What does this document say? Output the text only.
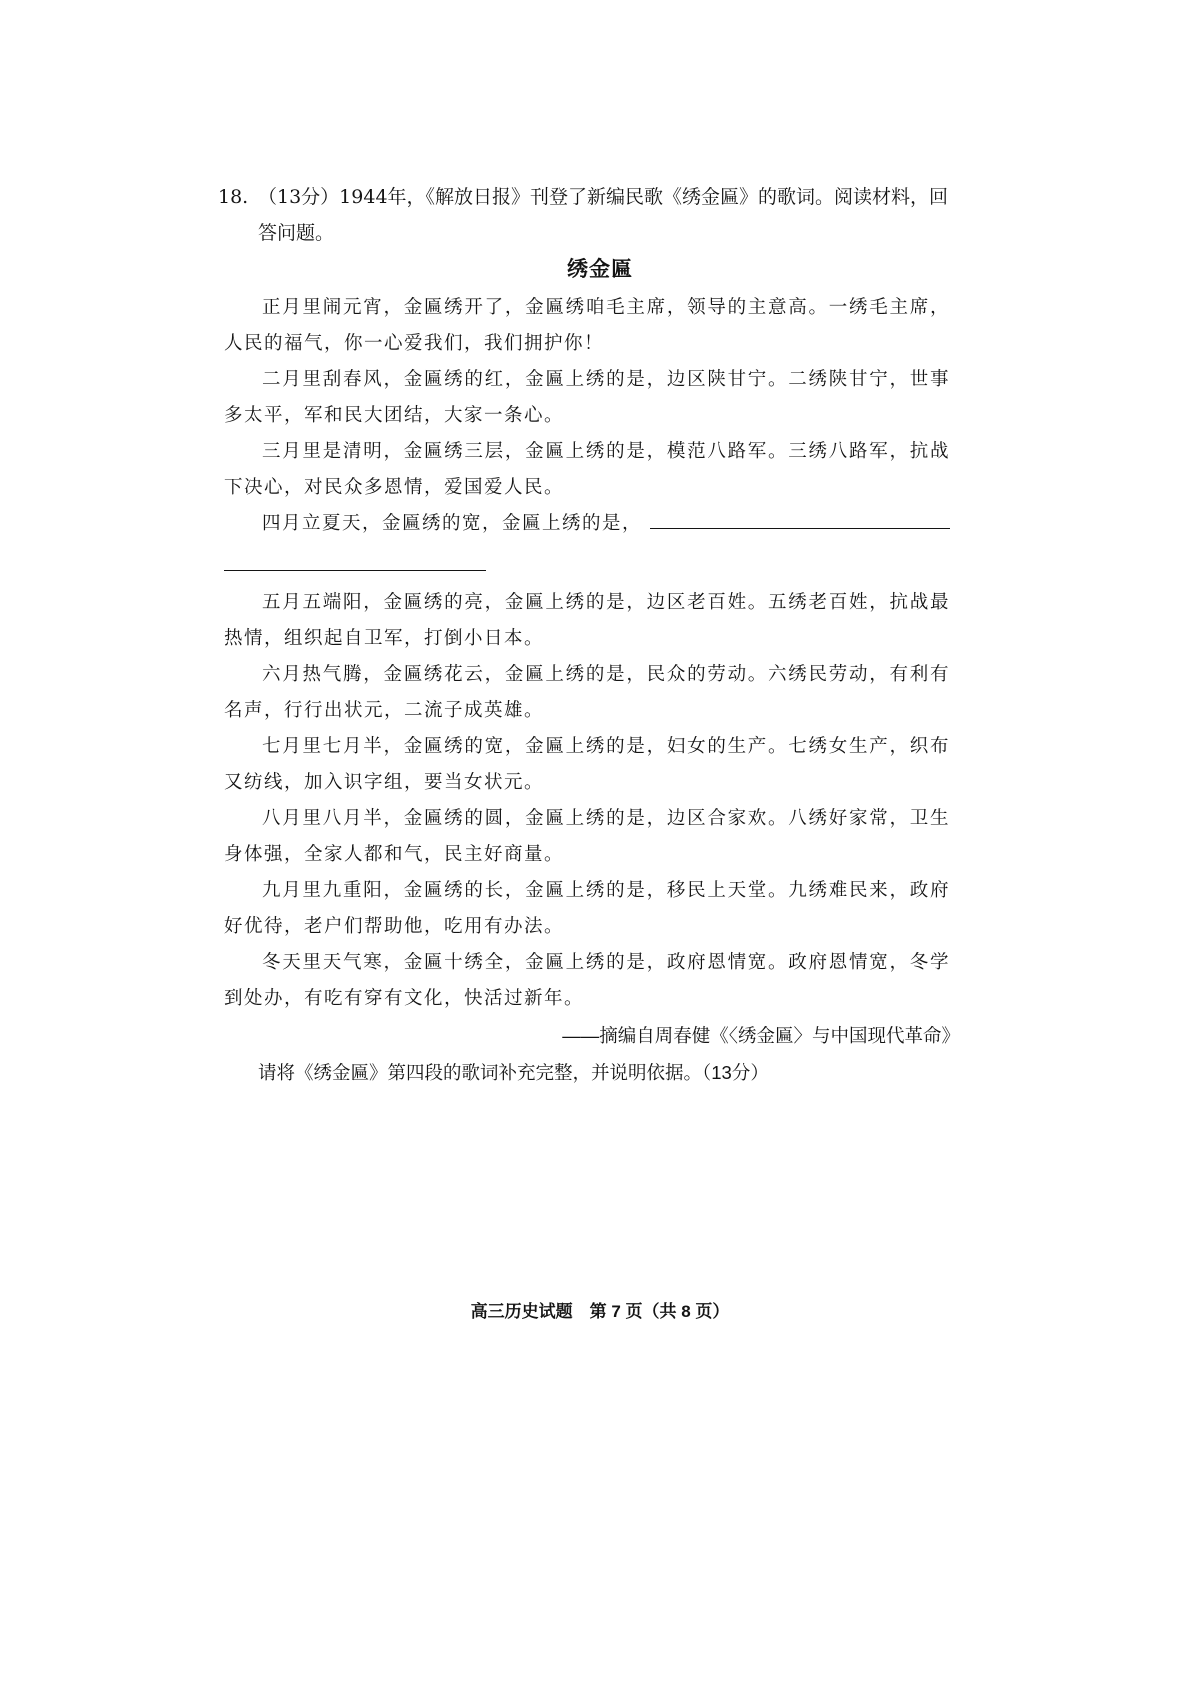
18. （13分）1944年，《解放日报》刊登了新编民歌《绣金匾》的歌词。阅读材料，回
答问题。
绣金匾
正月里闹元宵，金匾绣开了，金匾绣咱毛主席，领导的主意高。一绣毛主席，人民的福气，你一心爱我们，我们拥护你！
二月里刮春风，金匾绣的红，金匾上绣的是，边区陕甘宁。二绣陕甘宁，世事多太平，军和民大团结，大家一条心。
三月里是清明，金匾绣三层，金匾上绣的是，模范八路军。三绣八路军，抗战下决心，对民众多恩情，爱国爱人民。
四月立夏天，金匾绣的宽，金匾上绣的是，
五月五端阳，金匾绣的亮，金匾上绣的是，边区老百姓。五绣老百姓，抗战最热情，组织起自卫军，打倒小日本。
六月热气腾，金匾绣花云，金匾上绣的是，民众的劳动。六绣民劳动，有利有名声，行行出状元，二流子成英雄。
七月里七月半，金匾绣的宽，金匾上绣的是，妇女的生产。七绣女生产，织布又纺线，加入识字组，要当女状元。
八月里八月半，金匾绣的圆，金匾上绣的是，边区合家欢。八绣好家常，卫生身体强，全家人都和气，民主好商量。
九月里九重阳，金匾绣的长，金匾上绣的是，移民上天堂。九绣难民来，政府好优待，老户们帮助他，吃用有办法。
冬天里天气寒，金匾十绣全，金匾上绣的是，政府恩情宽。政府恩情宽，冬学到处办，有吃有穿有文化，快活过新年。
——摘编自周春健《〈绣金匾〉与中国现代革命》
请将《绣金匾》第四段的歌词补充完整，并说明依据。（13分）
高三历史试题　第 7 页（共 8 页）
